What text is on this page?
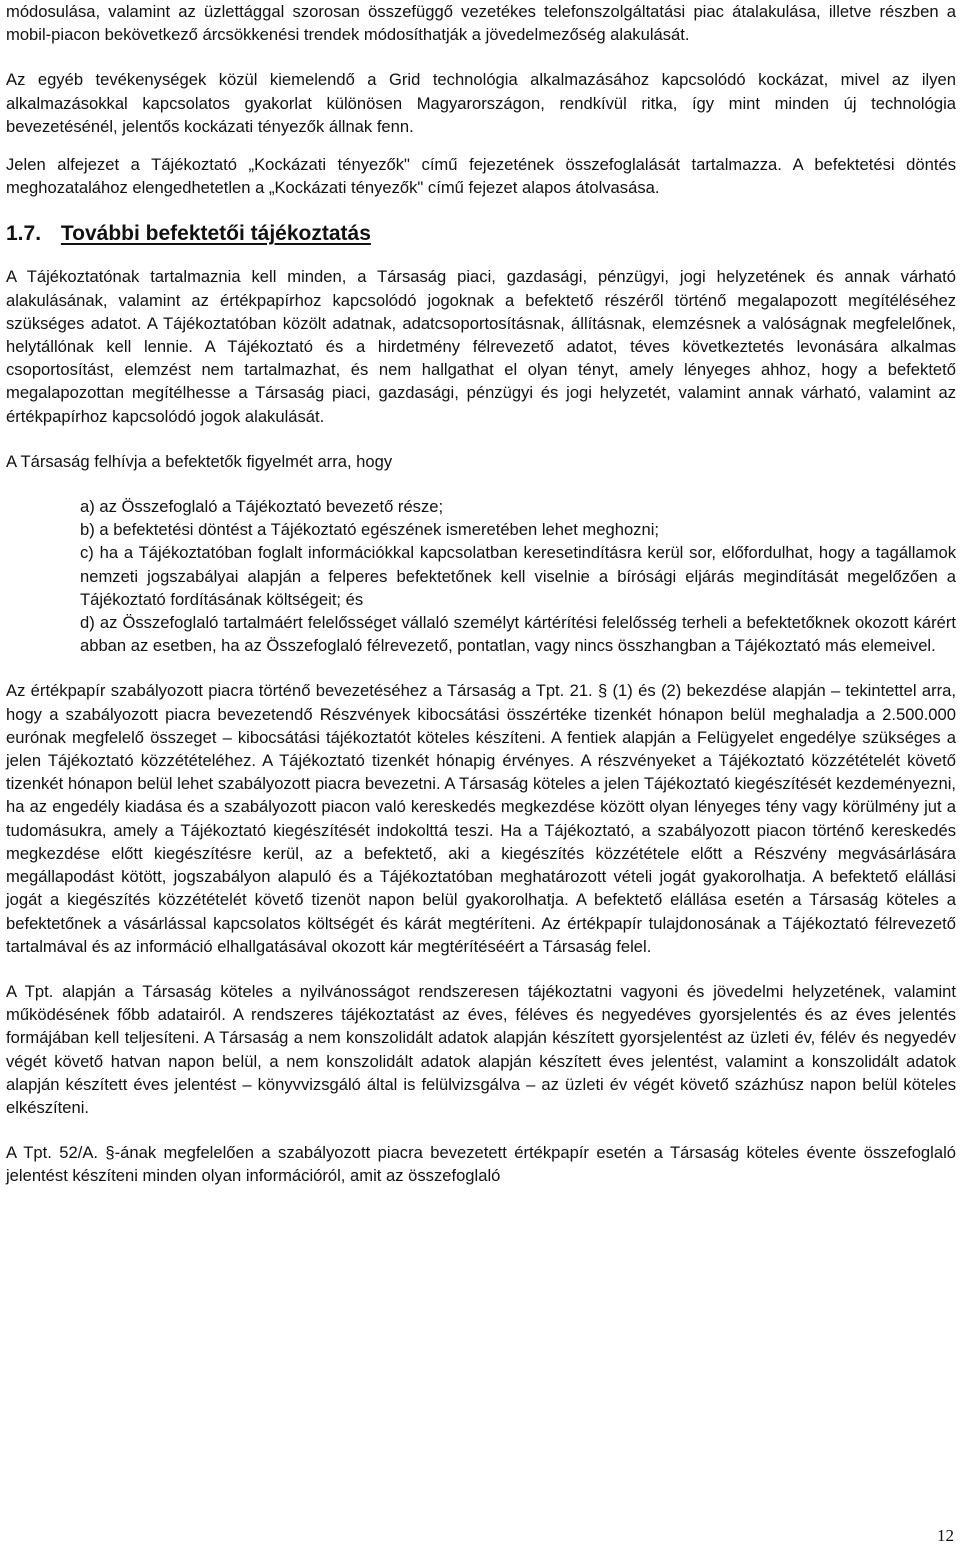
módosulása, valamint az üzlettággal szorosan összefüggő vezetékes telefonszolgáltatási piac átalakulása, illetve részben a mobil-piacon bekövetkező árcsökkenési trendek módosíthatják a jövedelmezőség alakulását.

Az egyéb tevékenységek közül kiemelendő a Grid technológia alkalmazásához kapcsolódó kockázat, mivel az ilyen alkalmazásokkal kapcsolatos gyakorlat különösen Magyarországon, rendkívül ritka, így mint minden új technológia bevezetésénél, jelentős kockázati tényezők állnak fenn.

Jelen alfejezet a Tájékoztató „Kockázati tényezők" című fejezetének összefoglalását tartalmazza. A befektetési döntés meghozatalához elengedhetetlen a „Kockázati tényezők" című fejezet alapos átolvasása.

1.7. További befektetői tájékoztatás

A Tájékoztatónak tartalmaznia kell minden, a Társaság piaci, gazdasági, pénzügyi, jogi helyzetének és annak várható alakulásának, valamint az értékpapírhoz kapcsolódó jogoknak a befektető részéről történő megalapozott megítéléséhez szükséges adatot. A Tájékoztatóban közölt adatnak, adatcsoportosításnak, állításnak, elemzésnek a valóságnak megfelelőnek, helytállónak kell lennie. A Tájékoztató és a hirdetmény félrevezető adatot, téves következtetés levonására alkalmas csoportosítást, elemzést nem tartalmazhat, és nem hallgathat el olyan tényt, amely lényeges ahhoz, hogy a befektető megalapozottan megítélhesse a Társaság piaci, gazdasági, pénzügyi és jogi helyzetét, valamint annak várható, valamint az értékpapírhoz kapcsolódó jogok alakulását.

A Társaság felhívja a befektetők figyelmét arra, hogy

a) az Összefoglaló a Tájékoztató bevezető része;
b) a befektetési döntést a Tájékoztató egészének ismeretében lehet meghozni;
c) ha a Tájékoztatóban foglalt információkkal kapcsolatban keresetindításra kerül sor, előfordulhat, hogy a tagállamok nemzeti jogszabályai alapján a felperes befektetőnek kell viselnie a bírósági eljárás megindítását megelőzően a Tájékoztató fordításának költségeit; és
d) az Összefoglaló tartalmáért felelősséget vállaló személyt kártérítési felelősség terheli a befektetőknek okozott kárért abban az esetben, ha az Összefoglaló félrevezető, pontatlan, vagy nincs összhangban a Tájékoztató más elemeivel.

Az értékpapír szabályozott piacra történő bevezetéséhez a Társaság a Tpt. 21. § (1) és (2) bekezdése alapján – tekintettel arra, hogy a szabályozott piacra bevezetendő Részvények kibocsátási összértéke tizenkét hónapon belül meghaladja a 2.500.000 eurónak megfelelő összeget – kibocsátási tájékoztatót köteles készíteni. A fentiek alapján a Felügyelet engedélye szükséges a jelen Tájékoztató közzétételéhez. A Tájékoztató tizenkét hónapig érvényes. A részvényeket a Tájékoztató közzétételét követő tizenkét hónapon belül lehet szabályozott piacra bevezetni. A Társaság köteles a jelen Tájékoztató kiegészítését kezdeményezni, ha az engedély kiadása és a szabályozott piacon való kereskedés megkezdése között olyan lényeges tény vagy körülmény jut a tudomásukra, amely a Tájékoztató kiegészítését indokolttá teszi. Ha a Tájékoztató, a szabályozott piacon történő kereskedés megkezdése előtt kiegészítésre kerül, az a befektető, aki a kiegészítés közzététele előtt a Részvény megvásárlására megállapodást kötött, jogszabályon alapuló és a Tájékoztatóban meghatározott vételi jogát gyakorolhatja. A befektető elállási jogát a kiegészítés közzétételét követő tizenöt napon belül gyakorolhatja. A befektető elállása esetén a Társaság köteles a befektetőnek a vásárlással kapcsolatos költségét és kárát megtéríteni. Az értékpapír tulajdonosának a Tájékoztató félrevezető tartalmával és az információ elhallgatásával okozott kár megtérítéséért a Társaság felel.

A Tpt. alapján a Társaság köteles a nyilvánosságot rendszeresen tájékoztatni vagyoni és jövedelmi helyzetének, valamint működésének főbb adatairól. A rendszeres tájékoztatást az éves, féléves és negyedéves gyorsjelentés és az éves jelentés formájában kell teljesíteni. A Társaság a nem konszolidált adatok alapján készített gyorsjelentést az üzleti év, félév és negyedév végét követő hatvan napon belül, a nem konszolidált adatok alapján készített éves jelentést, valamint a konszolidált adatok alapján készített éves jelentést – könyvvizsgáló által is felülvizsgálva – az üzleti év végét követő százhúsz napon belül köteles elkészíteni.

A Tpt. 52/A. §-ának megfelelően a szabályozott piacra bevezetett értékpapír esetén a Társaság köteles évente összefoglaló jelentést készíteni minden olyan információról, amit az összefoglaló

12
